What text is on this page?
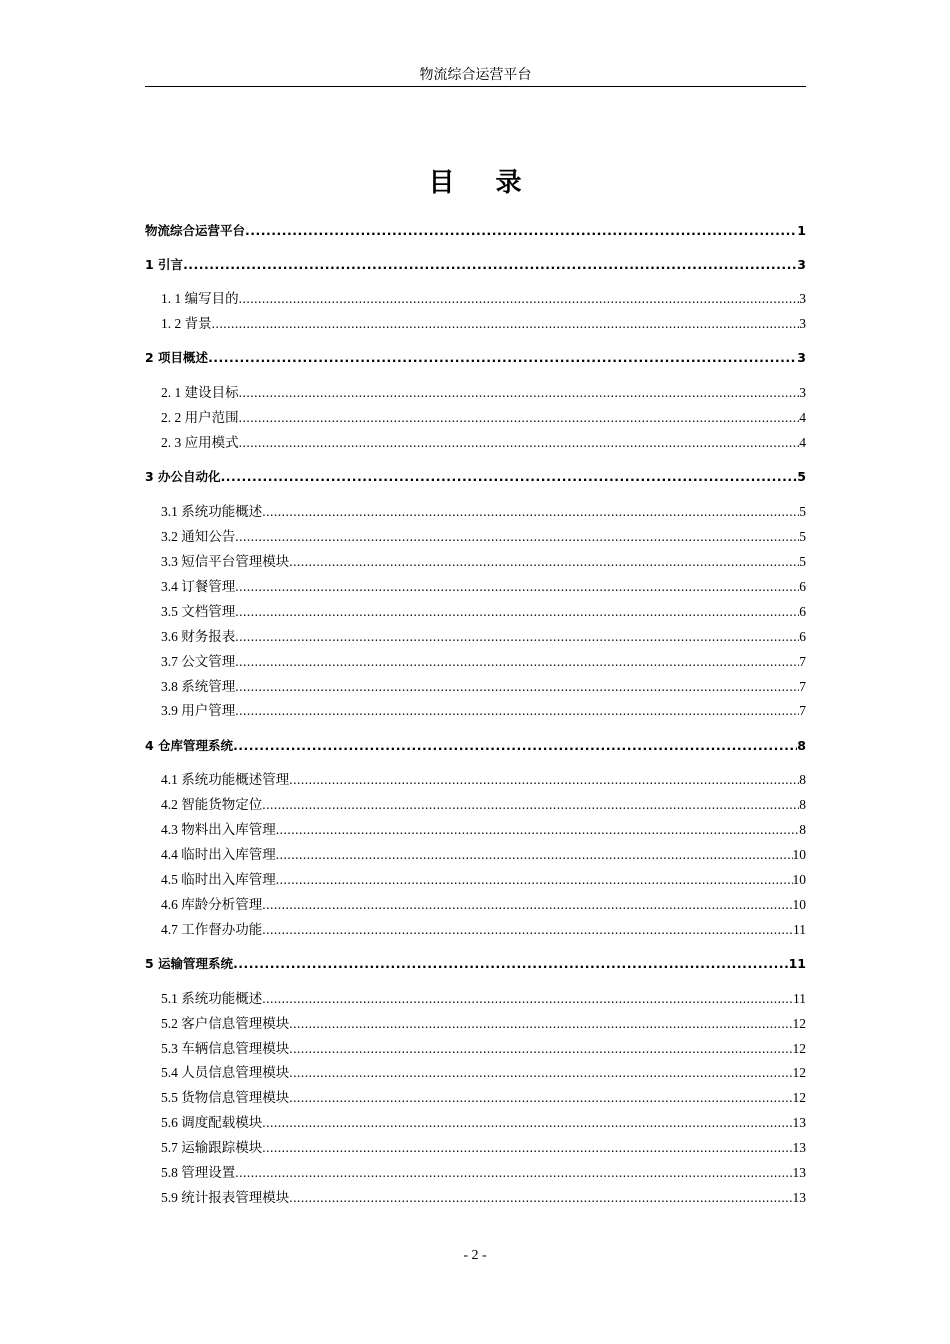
物流综合运营平台
目 录
物流综合运营平台 .....	1
1 引言 .....	3
1. 1 编写目的 .....	3
1. 2 背景 .....	3
2 项目概述 .....	3
2. 1 建设目标 .....	3
2. 2 用户范围 .....	4
2. 3 应用模式 .....	4
3 办公自动化 .....	5
3.1 系统功能概述 .....	5
3.2 通知公告 .....	5
3.3 短信平台管理模块 .....	5
3.4 订餐管理 .....	6
3.5 文档管理 .....	6
3.6 财务报表 .....	6
3.7 公文管理 .....	7
3.8 系统管理 .....	7
3.9 用户管理 .....	7
4 仓库管理系统 .....	8
4.1 系统功能概述管理 .....	8
4.2 智能货物定位 .....	8
4.3 物料出入库管理 .....	8
4.4 临时出入库管理 .....	10
4.5 临时出入库管理 .....	10
4.6 库龄分析管理 .....	10
4.7 工作督办功能 .....	11
5 运输管理系统 .....	11
5.1 系统功能概述 .....	11
5.2 客户信息管理模块 .....	12
5.3 车辆信息管理模块 .....	12
5.4 人员信息管理模块 .....	12
5.5 货物信息管理模块 .....	12
5.6 调度配载模块 .....	13
5.7 运输跟踪模块 .....	13
5.8 管理设置 .....	13
5.9 统计报表管理模块 .....	13
- 2 -
